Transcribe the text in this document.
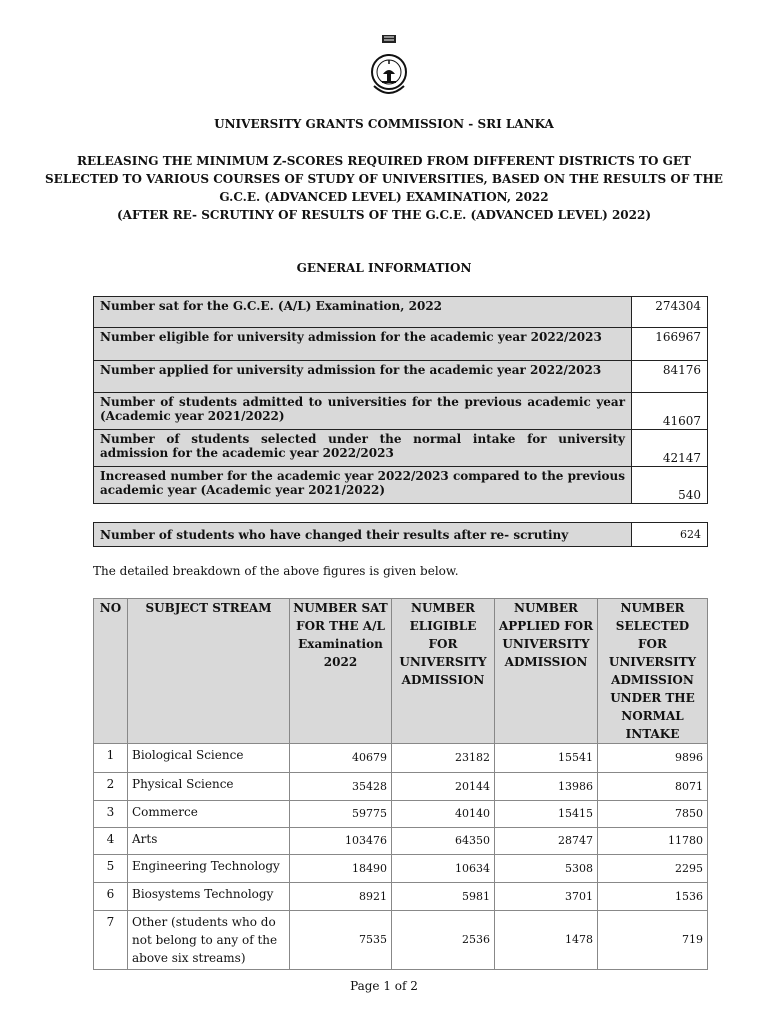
UNIVERSITY GRANTS COMMISSION - SRI LANKA
RELEASING THE MINIMUM Z-SCORES REQUIRED FROM DIFFERENT DISTRICTS TO GET
SELECTED TO VARIOUS COURSES OF STUDY OF UNIVERSITIES, BASED ON THE RESULTS OF THE
G.C.E. (ADVANCED LEVEL) EXAMINATION, 2022
(AFTER RE- SCRUTINY OF RESULTS OF THE G.C.E. (ADVANCED LEVEL) 2022)
GENERAL INFORMATION
Number sat for the G.C.E. (A/L) Examination, 2022	274304
Number eligible for university admission for the academic year 2022/2023	166967
Number applied for university admission for the academic year 2022/2023	84176
Number of students admitted to universities for the previous academic year (Academic year 2021/2022)	41607
Number of students selected under the normal intake for university admission for the academic year 2022/2023	42147
Increased number for the academic year 2022/2023 compared to the previous academic year (Academic year 2021/2022)	540
Number of students who have changed their results after re- scrutiny	624
The detailed breakdown of the above figures is given below.
NO	SUBJECT STREAM	NUMBER SAT FOR THE A/L Examination 2022	NUMBER ELIGIBLE FOR UNIVERSITY ADMISSION	NUMBER APPLIED FOR UNIVERSITY ADMISSION	NUMBER SELECTED FOR UNIVERSITY ADMISSION UNDER THE NORMAL INTAKE
1	Biological Science	40679	23182	15541	9896
2	Physical Science	35428	20144	13986	8071
3	Commerce	59775	40140	15415	7850
4	Arts	103476	64350	28747	11780
5	Engineering Technology	18490	10634	5308	2295
6	Biosystems Technology	8921	5981	3701	1536
7	Other (students who do not belong to any of the above six streams)	7535	2536	1478	719
Page 1 of 2
